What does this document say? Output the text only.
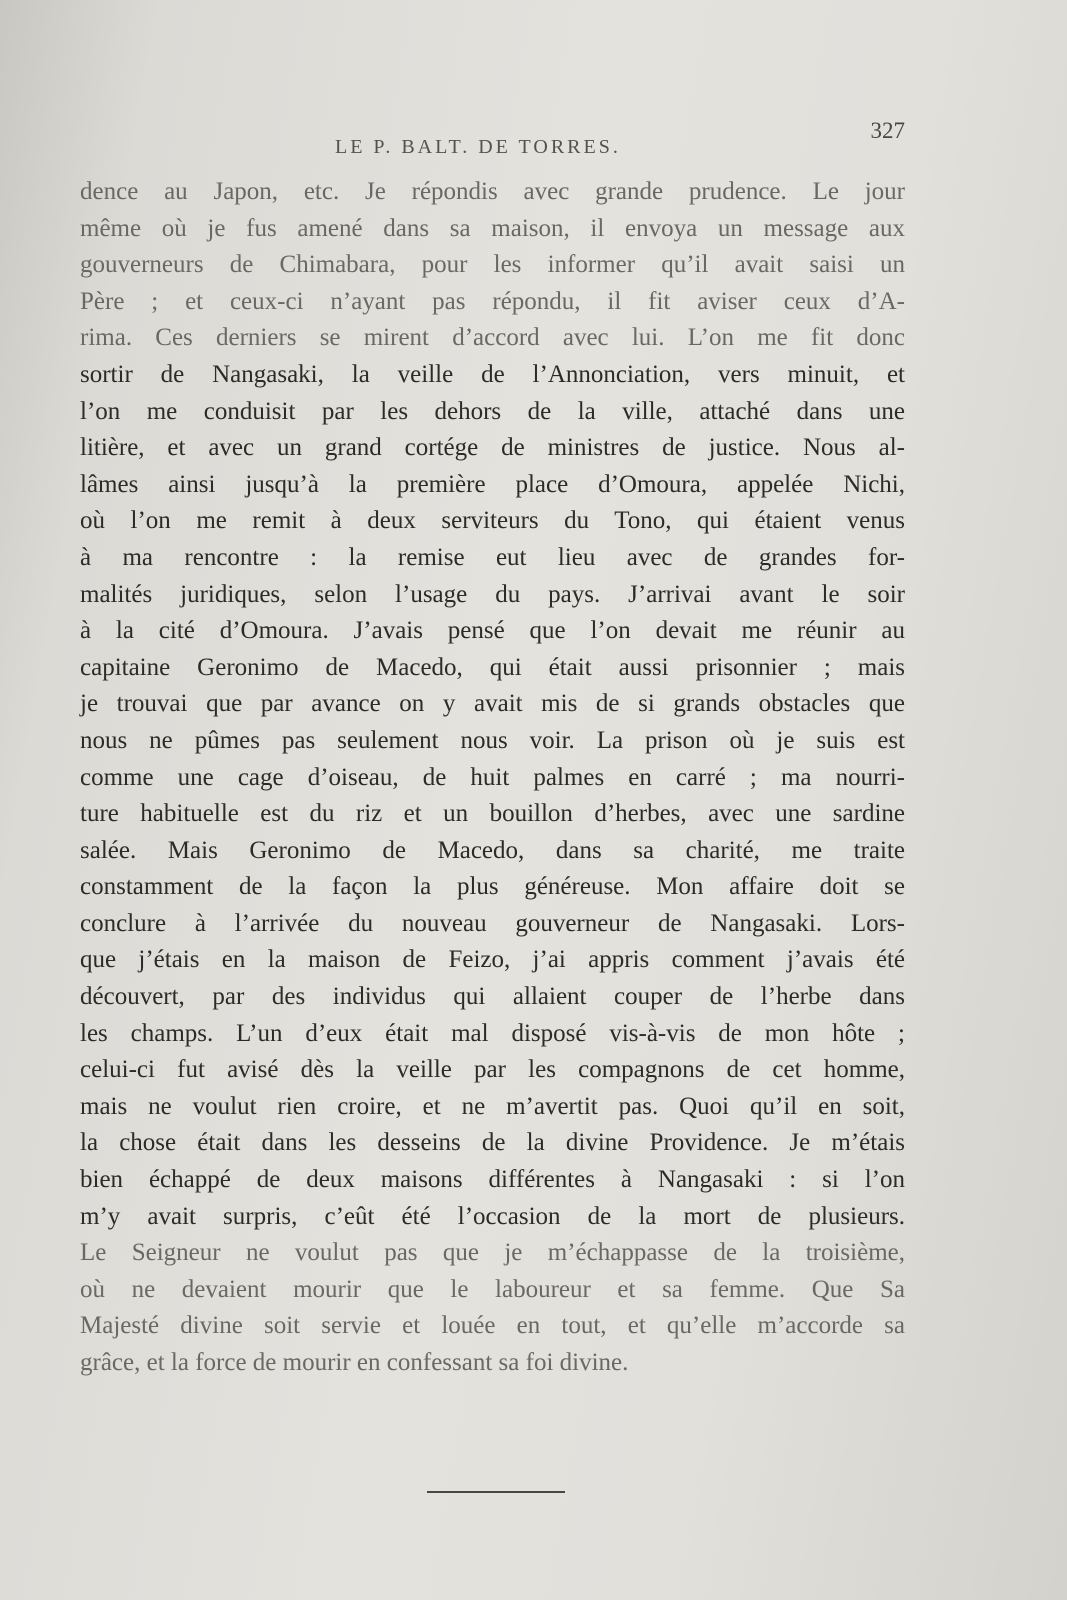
LE P. BALT. DE TORRES.
327
dence au Japon, etc. Je répondis avec grande prudence. Le jour
même où je fus amené dans sa maison, il envoya un message aux
gouverneurs de Chimabara, pour les informer qu’il avait saisi un
Père ; et ceux-ci n’ayant pas répondu, il fit aviser ceux d’A-
rima. Ces derniers se mirent d’accord avec lui. L’on me fit donc
sortir de Nangasaki, la veille de l’Annonciation, vers minuit, et
l’on me conduisit par les dehors de la ville, attaché dans une
litière, et avec un grand cortége de ministres de justice. Nous al-
lâmes ainsi jusqu’à la première place d’Omoura, appelée Nichi,
où l’on me remit à deux serviteurs du Tono, qui étaient venus
à ma rencontre : la remise eut lieu avec de grandes for-
malités juridiques, selon l’usage du pays. J’arrivai avant le soir
à la cité d’Omoura. J’avais pensé que l’on devait me réunir au
capitaine Geronimo de Macedo, qui était aussi prisonnier ; mais
je trouvai que par avance on y avait mis de si grands obstacles que
nous ne pûmes pas seulement nous voir. La prison où je suis est
comme une cage d’oiseau, de huit palmes en carré ; ma nourri-
ture habituelle est du riz et un bouillon d’herbes, avec une sardine
salée. Mais Geronimo de Macedo, dans sa charité, me traite
constamment de la façon la plus généreuse. Mon affaire doit se
conclure à l’arrivée du nouveau gouverneur de Nangasaki. Lors-
que j’étais en la maison de Feizo, j’ai appris comment j’avais été
découvert, par des individus qui allaient couper de l’herbe dans
les champs. L’un d’eux était mal disposé vis-à-vis de mon hôte ;
celui-ci fut avisé dès la veille par les compagnons de cet homme,
mais ne voulut rien croire, et ne m’avertit pas. Quoi qu’il en soit,
la chose était dans les desseins de la divine Providence. Je m’étais
bien échappé de deux maisons différentes à Nangasaki : si l’on
m’y avait surpris, c’eût été l’occasion de la mort de plusieurs.
Le Seigneur ne voulut pas que je m’échappasse de la troisième,
où ne devaient mourir que le laboureur et sa femme. Que Sa
Majesté divine soit servie et louée en tout, et qu’elle m’accorde sa
grâce, et la force de mourir en confessant sa foi divine.
